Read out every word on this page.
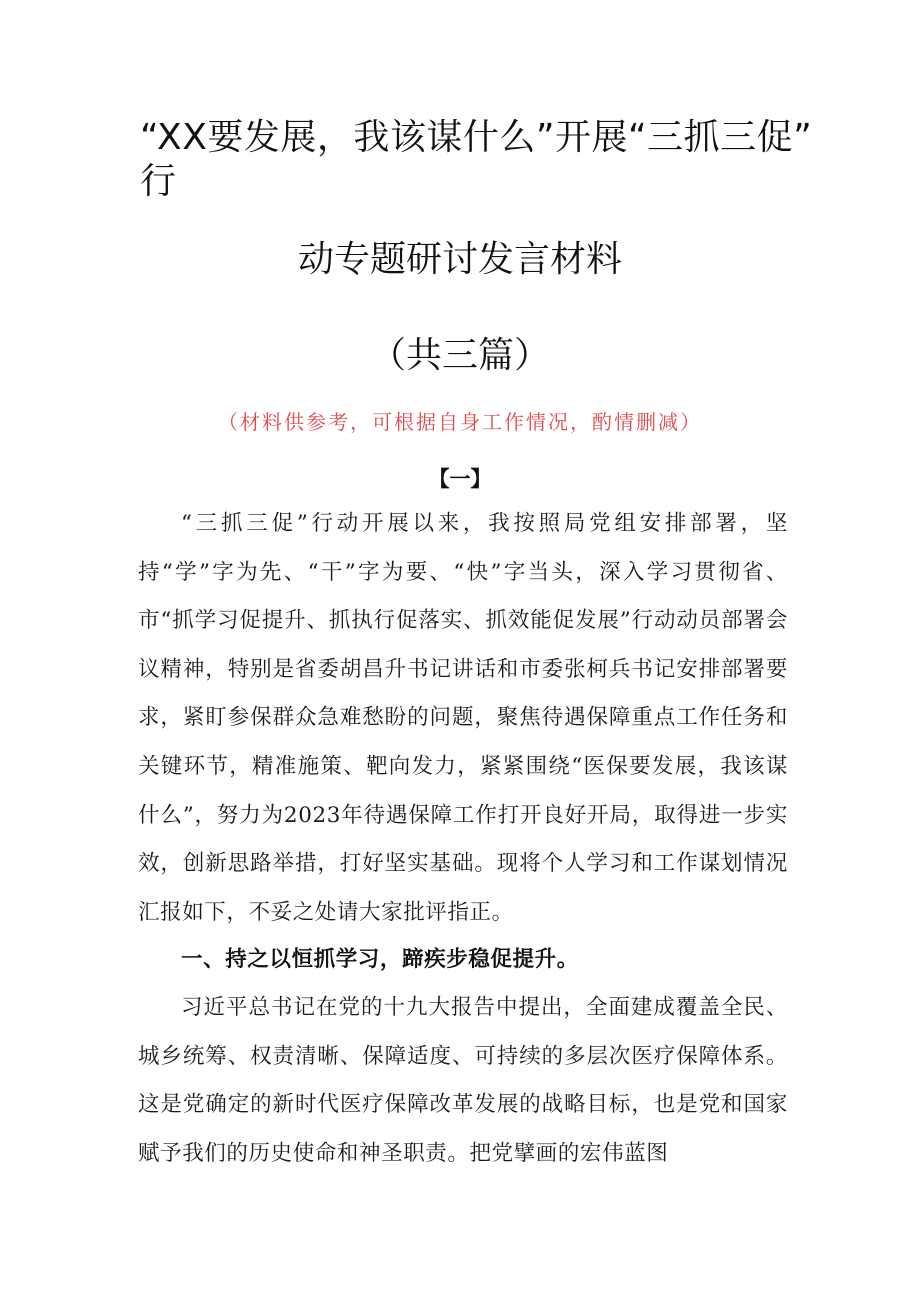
“XX要发展，我该谋什么”开展“三抓三促”
行
动专题研讨发言材料
（共三篇）
（材料供参考，可根据自身工作情况，酌情删减）
【一】

“三抓三促”行动开展以来，我按照局党组安排部署，坚持“学”字为先、“干”字为要、“快”字当头，深入学习贯彻省、市“抓学习促提升、抓执行促落实、抓效能促发展”行动动员部署会议精神，特别是省委胡昌升书记讲话和市委张柯兵书记安排部署要求，紧盯参保群众急难愁盼的问题，聚焦待遇保障重点工作任务和关键环节，精准施策、靶向发力，紧紧围绕“医保要发展，我该谋什么”，努力为2023年待遇保障工作打开良好开局，取得进一步实效，创新思路举措，打好坚实基础。现将个人学习和工作谋划情况汇报如下，不妥之处请大家批评指正。

一、持之以恒抓学习，蹄疾步稳促提升。

习近平总书记在党的十九大报告中提出，全面建成覆盖全民、城乡统筹、权责清晰、保障适度、可持续的多层次医疗保障体系。这是党确定的新时代医疗保障改革发展的战略目标，也是党和国家赋予我们的历史使命和神圣职责。把党擘画的宏伟蓝图
